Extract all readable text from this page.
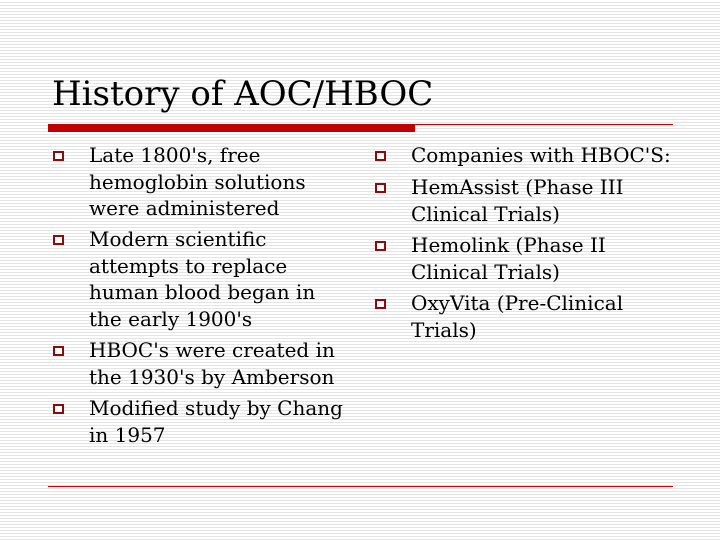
History of AOC/HBOC
Late 1800's, free hemoglobin solutions were administered
Modern scientific attempts to replace human blood began in the early 1900's
HBOC's were created in the 1930's by Amberson
Modified study by Chang in 1957
Companies with HBOC'S:
HemAssist (Phase III Clinical Trials)
Hemolink (Phase II Clinical Trials)
OxyVita (Pre-Clinical Trials)
